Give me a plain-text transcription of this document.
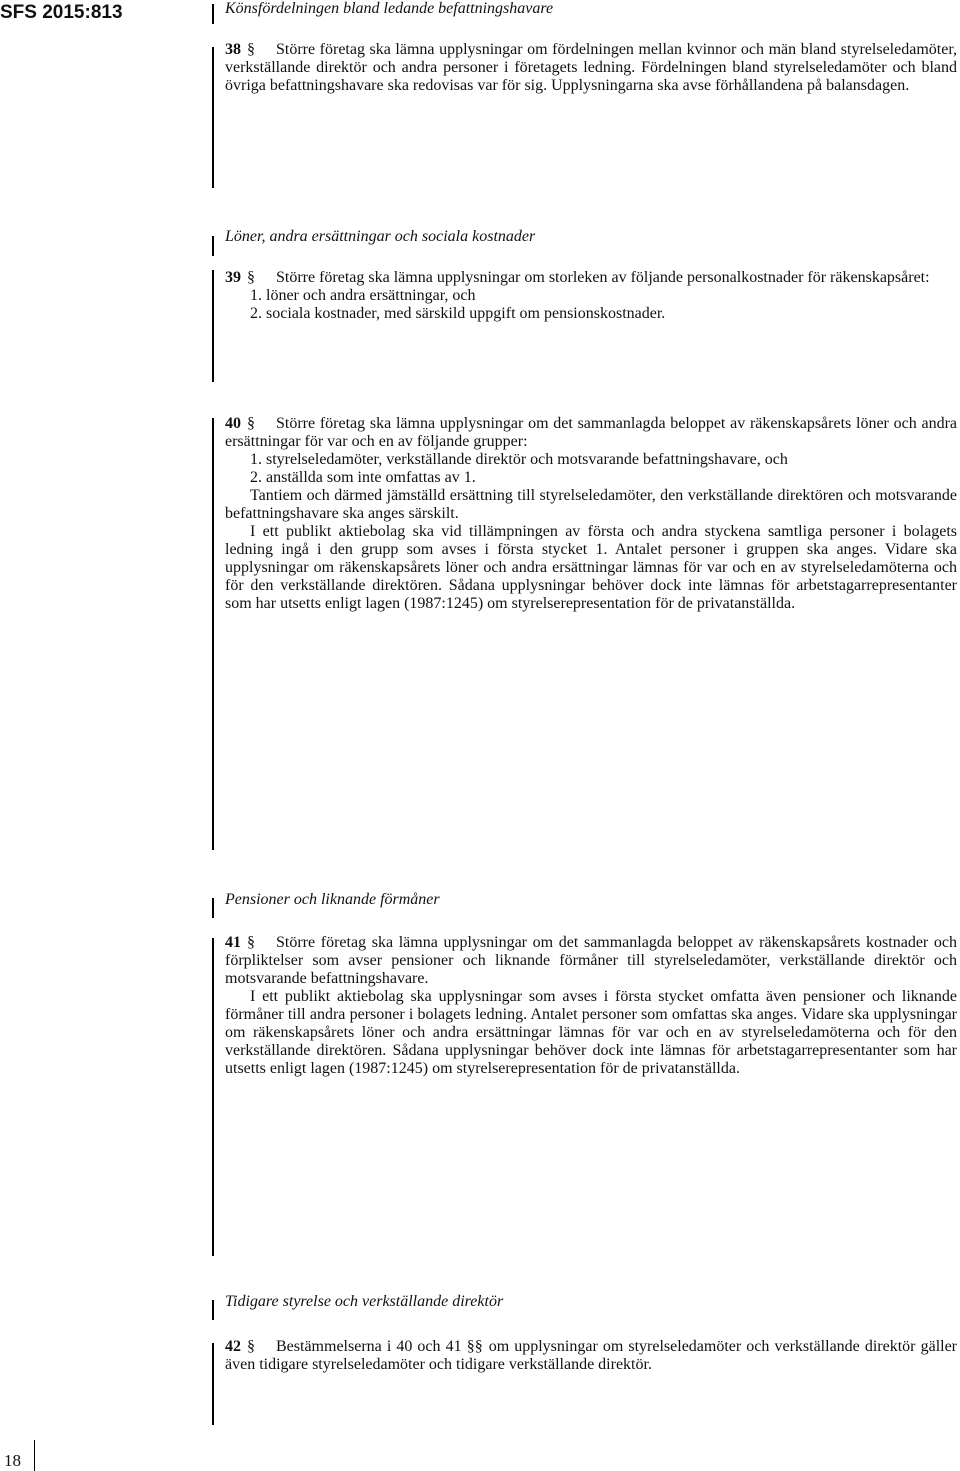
SFS 2015:813
18

Könsfördelningen bland ledande befattningshavare

38 § Större företag ska lämna upplysningar om fördelningen mellan kvinnor och män bland styrelseledamöter, verkställande direktör och andra personer i företagets ledning. Fördelningen bland styrelseledamöter och bland övriga befattningshavare ska redovisas var för sig. Upplysningarna ska avse förhållandena på balansdagen.

Löner, andra ersättningar och sociala kostnader

39 § Större företag ska lämna upplysningar om storleken av följande personalkostnader för räkenskapsåret:

1. löner och andra ersättningar, och

2. sociala kostnader, med särskild uppgift om pensionskostnader.

40 § Större företag ska lämna upplysningar om det sammanlagda beloppet av räkenskapsårets löner och andra ersättningar för var och en av följande grupper:

1. styrelseledamöter, verkställande direktör och motsvarande befattningshavare, och

2. anställda som inte omfattas av 1.

Tantiem och därmed jämställd ersättning till styrelseledamöter, den verkställande direktören och motsvarande befattningshavare ska anges särskilt.

I ett publikt aktiebolag ska vid tillämpningen av första och andra styckena samtliga personer i bolagets ledning ingå i den grupp som avses i första stycket 1. Antalet personer i gruppen ska anges. Vidare ska upplysningar om räkenskapsårets löner och andra ersättningar lämnas för var och en av styrelseledamöterna och för den verkställande direktören. Sådana upplysningar behöver dock inte lämnas för arbetstagarrepresentanter som har utsetts enligt lagen (1987:1245) om styrelserepresentation för de privatanställda.

Pensioner och liknande förmåner

41 § Större företag ska lämna upplysningar om det sammanlagda beloppet av räkenskapsårets kostnader och förpliktelser som avser pensioner och liknande förmåner till styrelseledamöter, verkställande direktör och motsvarande befattningshavare.

I ett publikt aktiebolag ska upplysningar som avses i första stycket omfatta även pensioner och liknande förmåner till andra personer i bolagets ledning. Antalet personer som omfattas ska anges. Vidare ska upplysningar om räkenskapsårets löner och andra ersättningar lämnas för var och en av styrelseledamöterna och för den verkställande direktören. Sådana upplysningar behöver dock inte lämnas för arbetstagarrepresentanter som har utsetts enligt lagen (1987:1245) om styrelserepresentation för de privatanställda.

Tidigare styrelse och verkställande direktör

42 § Bestämmelserna i 40 och 41 §§ om upplysningar om styrelseledamöter och verkställande direktör gäller även tidigare styrelseledamöter och tidigare verkställande direktör.
